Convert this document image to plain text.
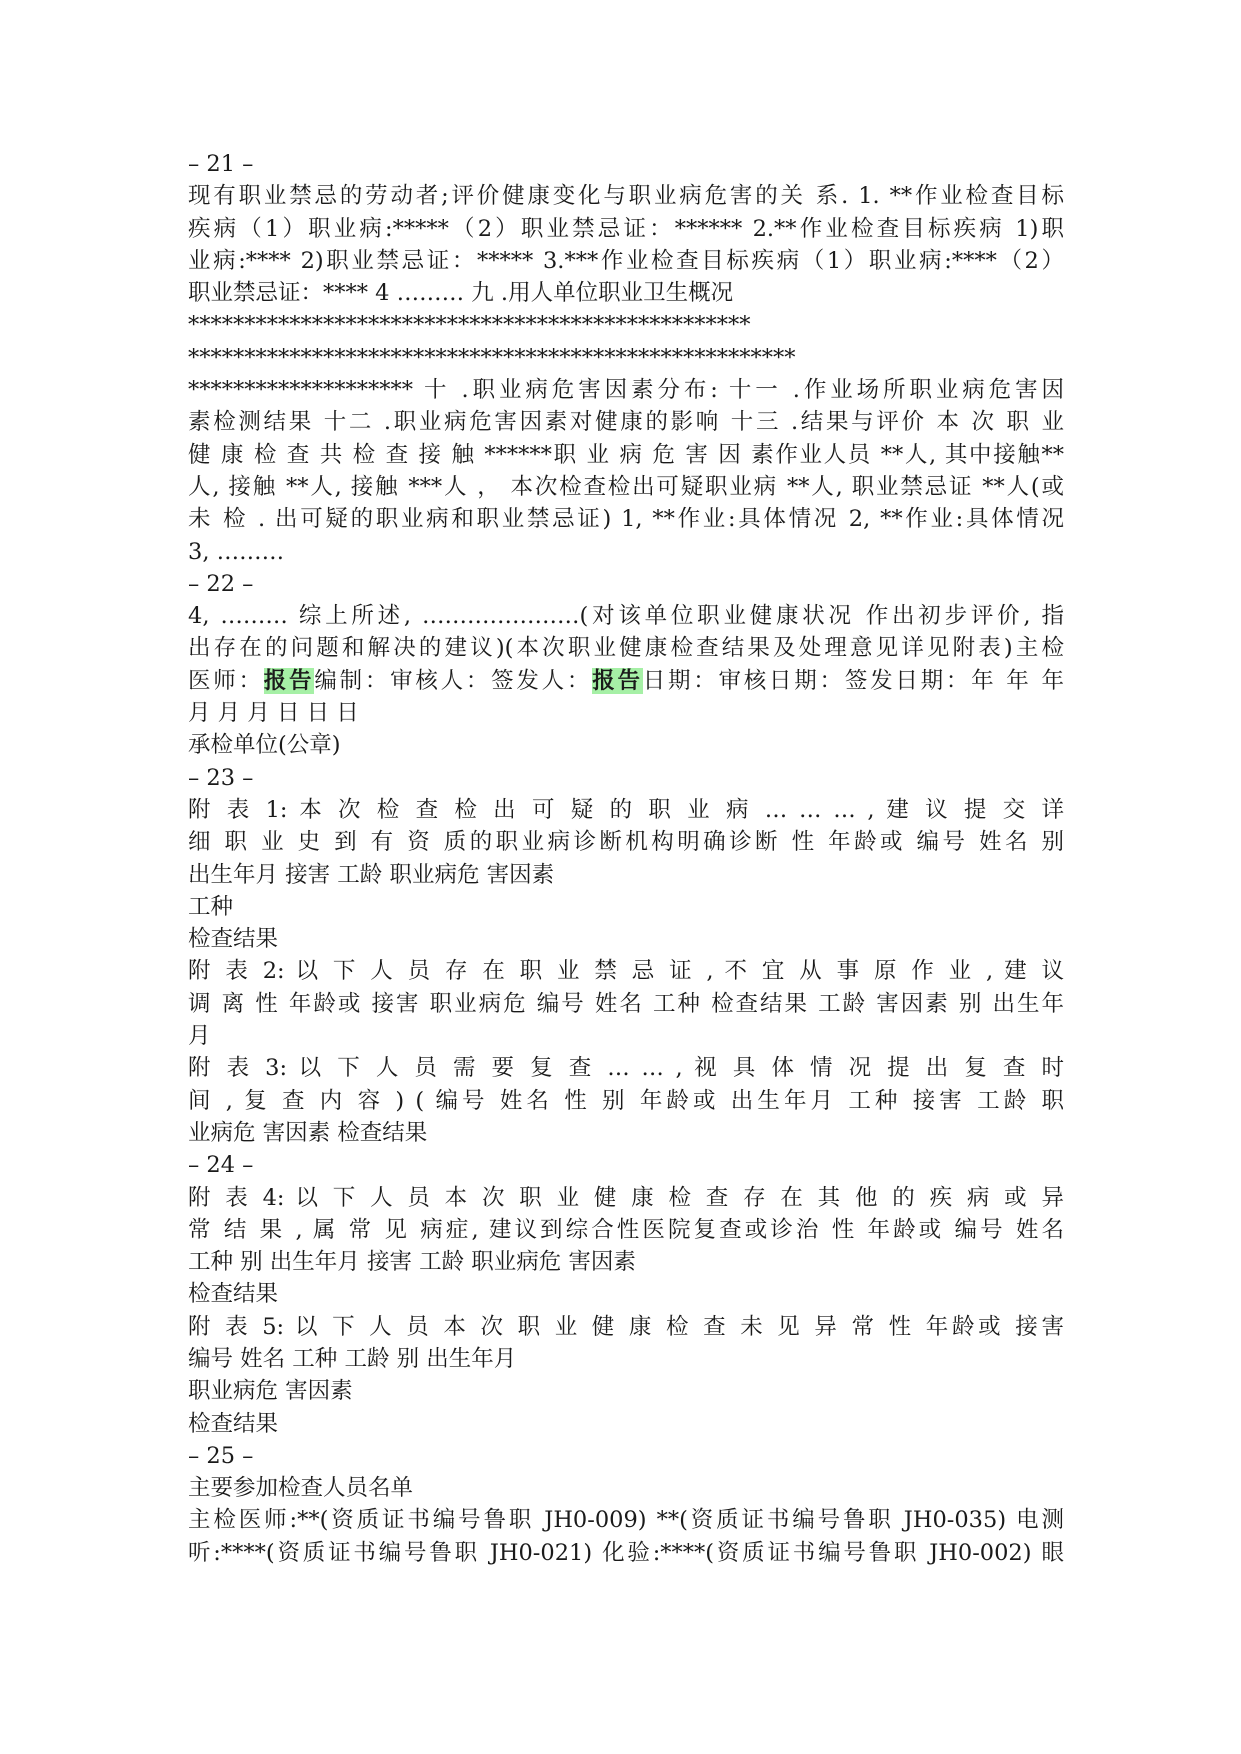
– 21 –
现有职业禁忌的劳动者;评价健康变化与职业病危害的关 系. 1. **作业检查目标
疾病（1）职业病:*****（2）职业禁忌证：****** 2.**作业检查目标疾病 1)职
业病:**** 2)职业禁忌证：***** 3.***作业检查目标疾病（1）职业病:****（2）
职业禁忌证：**** 4 ……… 九 .用人单位职业卫生概况
**************************************************
******************************************************
******************** 十 .职业病危害因素分布: 十一 .作业场所职业病危害因
素检测结果 十二 .职业病危害因素对健康的影响 十三 .结果与评价 本 次 职 业
健 康 检 查 共 检 查 接 触 ******职 业 病 危 害 因 素作业人员 **人, 其中接触**
人, 接触 **人, 接触 ***人 ， 本次检查检出可疑职业病 **人, 职业禁忌证 **人(或
未 检 . 出可疑的职业病和职业禁忌证) 1, **作业:具体情况 2, **作业:具体情况
3, ………
– 22 –
4, ……… 综上所述, …………………(对该单位职业健康状况 作出初步评价, 指
出存在的问题和解决的建议)(本次职业健康检查结果及处理意见详见附表)主检
医师：报告编制：审核人：签发人：报告日期：审核日期：签发日期：年 年 年
月 月 月 日 日 日
承检单位(公章)
– 23 –
附 表 1: 本 次 检 查 检 出 可 疑 的 职 业 病 … … … , 建 议 提 交 详
细 职 业 史 到 有 资 质的职业病诊断机构明确诊断 性 年龄或 编号 姓名 别
出生年月 接害 工龄 职业病危 害因素
工种
检查结果
附 表 2: 以 下 人 员 存 在 职 业 禁 忌 证 , 不 宜 从 事 原 作 业 , 建 议
调 离 性 年龄或 接害 职业病危 编号 姓名 工种 检查结果 工龄 害因素 别 出生年
月
附 表 3: 以 下 人 员 需 要 复 查 … … , 视 具 体 情 况 提 出 复 查 时
间 , 复 查 内 容 ) ( 编号 姓名 性 别 年龄或 出生年月 工种 接害 工龄 职
业病危 害因素 检查结果
– 24 –
附 表 4: 以 下 人 员 本 次 职 业 健 康 检 查 存 在 其 他 的 疾 病 或 异
常 结 果 , 属 常 见 病症, 建议到综合性医院复查或诊治 性 年龄或 编号 姓名
工种 别 出生年月 接害 工龄 职业病危 害因素
检查结果
附 表 5: 以 下 人 员 本 次 职 业 健 康 检 查 未 见 异 常 性 年龄或 接害
编号 姓名 工种 工龄 别 出生年月
职业病危 害因素
检查结果
– 25 –
主要参加检查人员名单
主检医师:**(资质证书编号鲁职 JH0-009) **(资质证书编号鲁职 JH0-035) 电测
听:****(资质证书编号鲁职 JH0-021) 化验:****(资质证书编号鲁职 JH0-002) 眼
